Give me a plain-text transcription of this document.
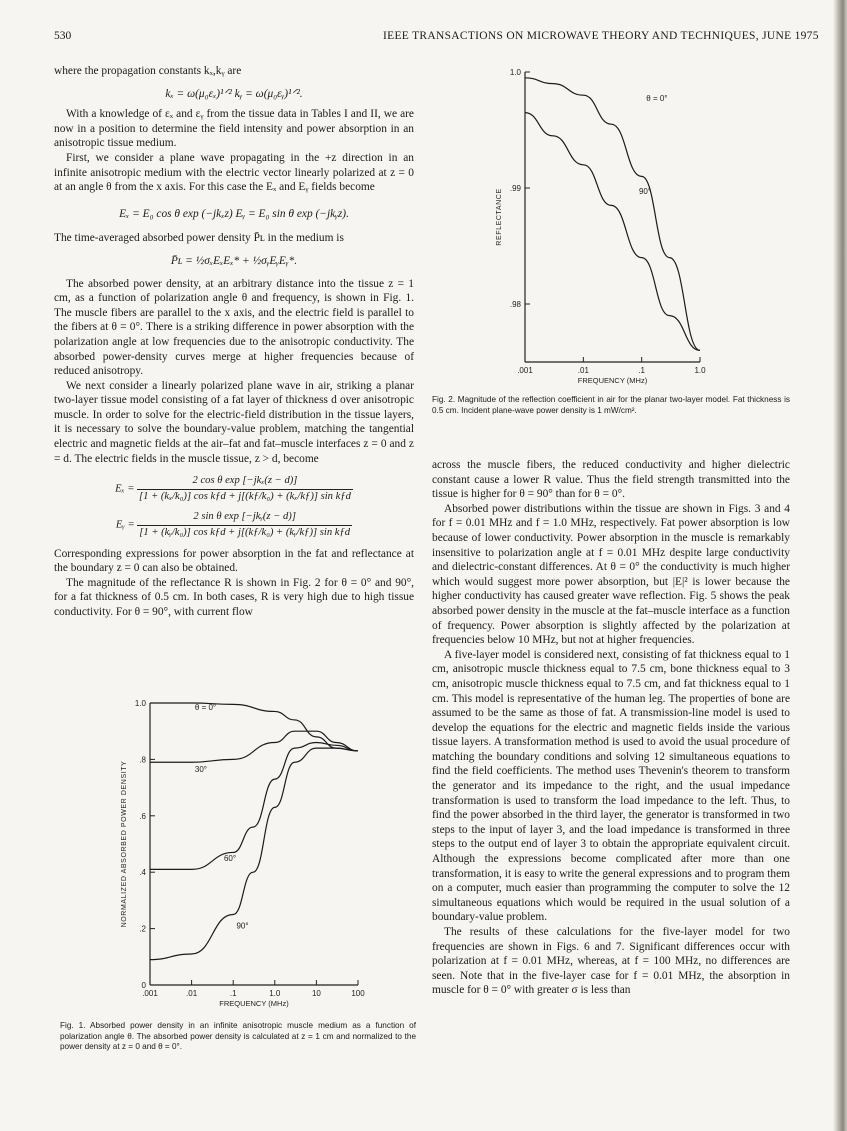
530	IEEE TRANSACTIONS ON MICROWAVE THEORY AND TECHNIQUES, JUNE 1975

where the propagation constants kₓ,kᵧ are

kₓ = ω(μ₀εₓ)¹ᐟ² kᵧ = ω(μ₀εᵧ)¹ᐟ².

With a knowledge of εₓ and εᵧ from the tissue data in Tables I and II, we are now in a position to determine the field intensity and power absorption in an anisotropic tissue medium.

First, we consider a plane wave propagating in the +z direction in an infinite anisotropic medium with the electric vector linearly polarized at z = 0 at an angle θ from the x axis. For this case the Eₓ and Eᵧ fields become

Eₓ = E₀ cos θ exp (−jkₓz) Eᵧ = E₀ sin θ exp (−jkᵧz).

The time-averaged absorbed power density P̄ʟ in the medium is

P̄ʟ = ½σₓEₓEₓ* + ½σᵧEᵧEᵧ*.

The absorbed power density, at an arbitrary distance into the tissue z = 1 cm, as a function of polarization angle θ and frequency, is shown in Fig. 1. The muscle fibers are parallel to the x axis, and the electric field is parallel to the fibers at θ = 0°. There is a striking difference in power absorption with the polarization angle at low frequencies due to the anisotropic conductivity. The absorbed power-density curves merge at higher frequencies because of reduced anisotropy.

We next consider a linearly polarized plane wave in air, striking a planar two-layer tissue model consisting of a fat layer of thickness d over anisotropic muscle. In order to solve for the electric-field distribution in the tissue layers, it is necessary to solve the boundary-value problem, matching the tangential electric and magnetic fields at the air–fat and fat–muscle interfaces z = 0 and z = d. The electric fields in the muscle tissue, z > d, become

$E_x = \frac{\text{2 cos θ exp [−jkₓ(z − d)]}}{\text{[1 + (kₓ/k₀)] cos kƒd + j[(kƒ/k₀) + (kₓ/kƒ)] sin kƒd}}$
Eᵧ = $\frac{\text{2 sin θ exp [−jkᵧ(z − d)]}}{\text{[1 + (kᵧ/k₀)] cos kƒd + j[(kƒ/k₀) + (kᵧ/kƒ)] sin kƒd}}$

Corresponding expressions for power absorption in the fat and reflectance at the boundary z = 0 can also be obtained.

The magnitude of the reflectance R is shown in Fig. 2 for θ = 0° and 90°, for a fat thickness of 0.5 cm. In both cases, R is very high due to high tissue conductivity. For θ = 90°, with current flow

0
.2
.4
.6
.8
1.0
.001	.01	.1	1.0	10	100
FREQUENCY (MHz)
NORMALIZED ABSORBED POWER DENSITY
θ = 0°
30°
60°
90°
Fig. 1. Absorbed power density in an infinite anisotropic muscle medium as a function of polarization angle θ. The absorbed power density is calculated at z = 1 cm and normalized to the power density at z = 0 and θ = 0°.
.98
.99
1.0
.001	.01	.1	1.0
FREQUENCY (MHz)
REFLECTANCE
θ = 0°
90°
Fig. 2. Magnitude of the reflection coefficient in air for the planar two-layer model. Fat thickness is 0.5 cm. Incident plane-wave power density is 1 mW/cm².

across the muscle fibers, the reduced conductivity and higher dielectric constant cause a lower R value. Thus the field strength transmitted into the tissue is higher for θ = 90° than for θ = 0°.

Absorbed power distributions within the tissue are shown in Figs. 3 and 4 for f = 0.01 MHz and f = 1.0 MHz, respectively. Fat power absorption is low because of lower conductivity. Power absorption in the muscle is remarkably insensitive to polarization angle at f = 0.01 MHz despite large conductivity and dielectric-constant differences. At θ = 0° the conductivity is much higher which would suggest more power absorption, but |E|² is lower because the higher conductivity has caused greater wave reflection. Fig. 5 shows the peak absorbed power density in the muscle at the fat–muscle interface as a function of frequency. Power absorption is slightly affected by the polarization at frequencies below 10 MHz, but not at higher frequencies.

A five-layer model is considered next, consisting of fat thickness equal to 1 cm, anisotropic muscle thickness equal to 7.5 cm, bone thickness equal to 3 cm, anisotropic muscle thickness equal to 7.5 cm, and fat thickness equal to 1 cm. This model is representative of the human leg. The properties of bone are assumed to be the same as those of fat. A transmission-line model is used to develop the equations for the electric and magnetic fields inside the various tissue layers. A transformation method is used to avoid the usual procedure of matching the boundary conditions and solving 12 simultaneous equations to find the field coefficients. The method uses Thevenin's theorem to transform the generator and its impedance to the right, and the usual impedance transformation is used to transform the load impedance to the left. Thus, to find the power absorbed in the third layer, the generator is transformed in two steps to the input of layer 3, and the load impedance is transformed in three steps to the output end of layer 3 to obtain the appropriate equivalent circuit. Although the expressions become complicated after more than one transformation, it is easy to write the general expressions and to program them on a computer, much easier than programming the computer to solve the 12 simultaneous equations which would be required in the usual solution of a boundary-value problem.

The results of these calculations for the five-layer model for two frequencies are shown in Figs. 6 and 7. Significant differences occur with polarization at f = 0.01 MHz, whereas, at f = 100 MHz, no differences are seen. Note that in the five-layer case for f = 0.01 MHz, the absorption in muscle for θ = 0° with greater σ is less than
